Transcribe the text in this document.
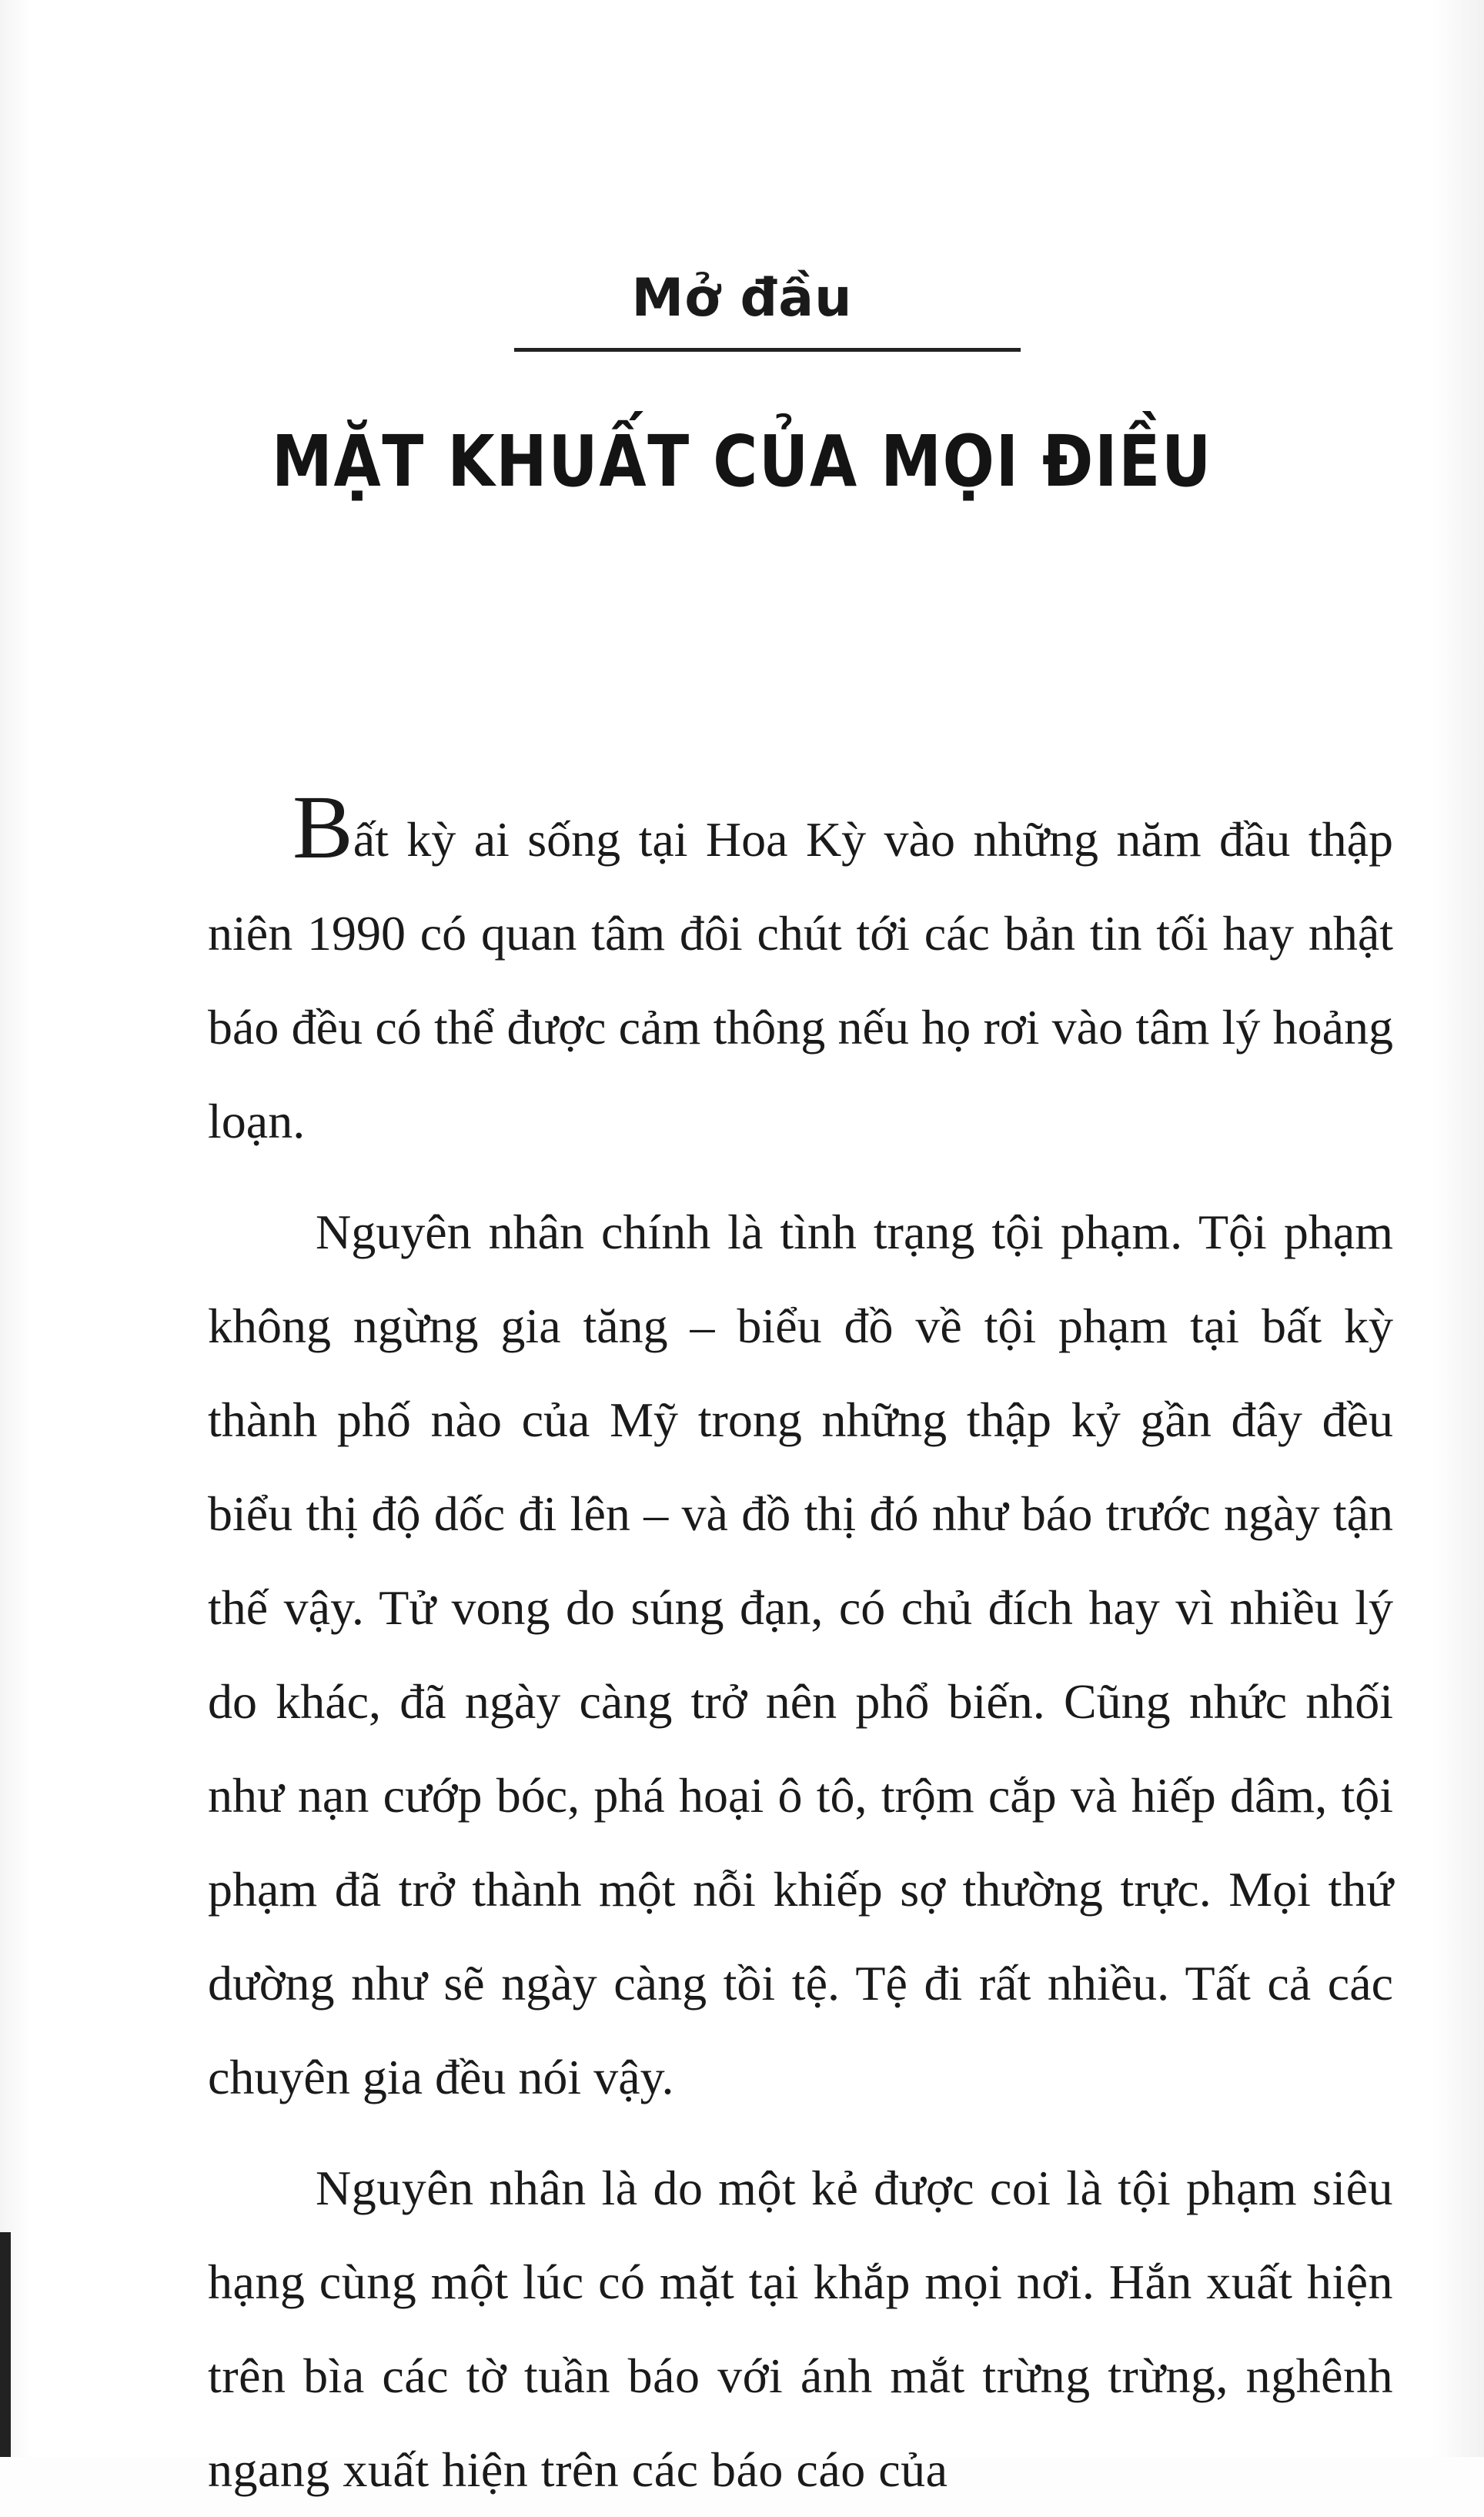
Mở đầu
MẶT KHUẤT CỦA MỌI ĐIỀU

Bất kỳ ai sống tại Hoa Kỳ vào những năm đầu thập niên 1990 có quan tâm đôi chút tới các bản tin tối hay nhật báo đều có thể được cảm thông nếu họ rơi vào tâm lý hoảng loạn.

Nguyên nhân chính là tình trạng tội phạm. Tội phạm không ngừng gia tăng – biểu đồ về tội phạm tại bất kỳ thành phố nào của Mỹ trong những thập kỷ gần đây đều biểu thị độ dốc đi lên – và đồ thị đó như báo trước ngày tận thế vậy. Tử vong do súng đạn, có chủ đích hay vì nhiều lý do khác, đã ngày càng trở nên phổ biến. Cũng nhức nhối như nạn cướp bóc, phá hoại ô tô, trộm cắp và hiếp dâm, tội phạm đã trở thành một nỗi khiếp sợ thường trực. Mọi thứ dường như sẽ ngày càng tồi tệ. Tệ đi rất nhiều. Tất cả các chuyên gia đều nói vậy.

Nguyên nhân là do một kẻ được coi là tội phạm siêu hạng cùng một lúc có mặt tại khắp mọi nơi. Hắn xuất hiện trên bìa các tờ tuần báo với ánh mắt trừng trừng, nghênh ngang xuất hiện trên các báo cáo của
